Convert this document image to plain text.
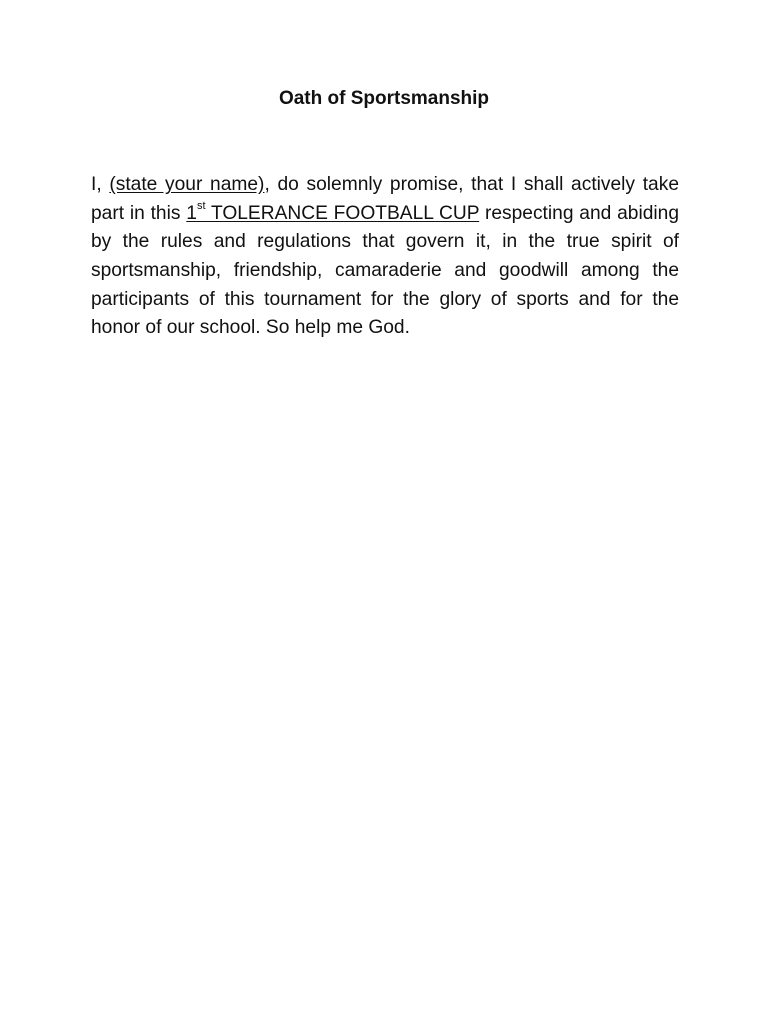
Oath of Sportsmanship

I, (state your name), do solemnly promise, that I shall actively take part in this 1st TOLERANCE FOOTBALL CUP respecting and abiding by the rules and regulations that govern it, in the true spirit of sportsmanship, friendship, camaraderie and goodwill among the participants of this tournament for the glory of sports and for the honor of our school. So help me God.
